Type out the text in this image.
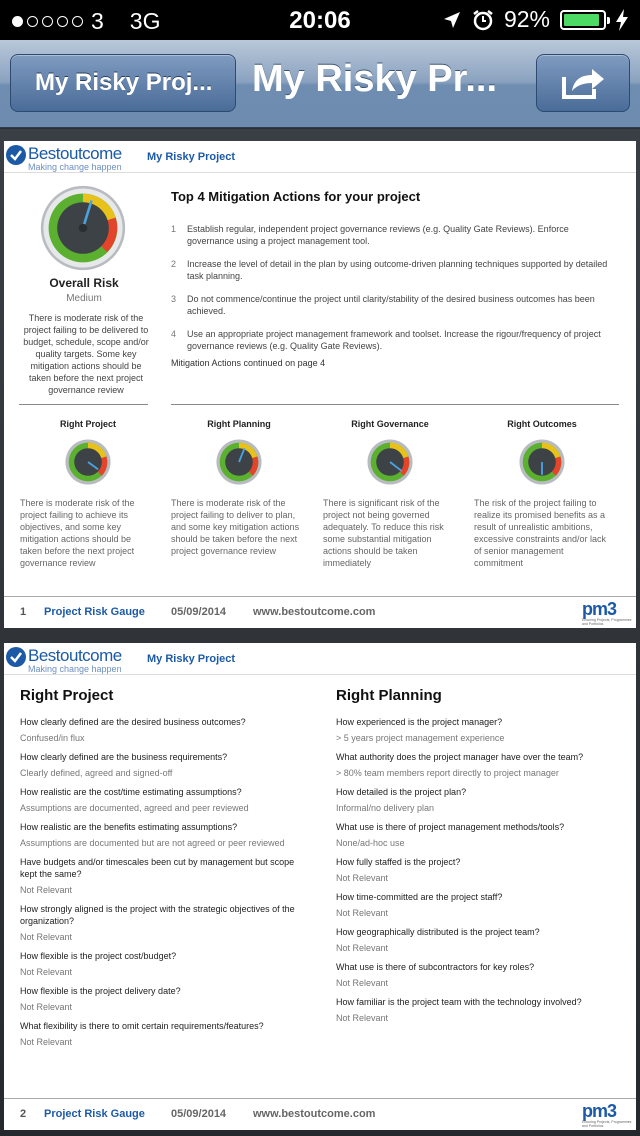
3 3G	20:06	92%
My Risky Proj...	My Risky Pr...
Bestoutcome
Making change happen
My Risky Project
Overall Risk
Medium
There is moderate risk of the project failing to be delivered to budget, schedule, scope and/or quality targets. Some key mitigation actions should be taken before the next project governance review
Top 4 Mitigation Actions for your project
1 Establish regular, independent project governance reviews (e.g. Quality Gate Reviews). Enforce governance using a project management tool.
2 Increase the level of detail in the plan by using outcome-driven planning techniques supported by detailed task planning.
3 Do not commence/continue the project until clarity/stability of the desired business outcomes has been achieved.
4 Use an appropriate project management framework and toolset. Increase the rigour/frequency of project governance reviews (e.g. Quality Gate Reviews).
Mitigation Actions continued on page 4
Right Project	Right Planning	Right Governance	Right Outcomes
There is moderate risk of the project failing to achieve its objectives, and some key mitigation actions should be taken before the next project governance review
There is moderate risk of the project failing to deliver to plan, and some key mitigation actions should be taken before the next project governance review
There is significant risk of the project not being governed adequately. To reduce this risk some substantial mitigation actions should be taken immediately
The risk of the project failing to realize its promised benefits as a result of unrealistic ambitions, excessive constraints and/or lack of senior management commitment
1 Project Risk Gauge 05/09/2014 www.bestoutcome.com	pm3
Ensuring Projects, Programmes and Portfolios
Bestoutcome
Making change happen
My Risky Project
Right Project
How clearly defined are the desired business outcomes?
Confused/in flux
How clearly defined are the business requirements?
Clearly defined, agreed and signed-off
How realistic are the cost/time estimating assumptions?
Assumptions are documented, agreed and peer reviewed
How realistic are the benefits estimating assumptions?
Assumptions are documented but are not agreed or peer reviewed
Have budgets and/or timescales been cut by management but scope kept the same?
Not Relevant
How strongly aligned is the project with the strategic objectives of the organization?
Not Relevant
How flexible is the project cost/budget?
Not Relevant
How flexible is the project delivery date?
Not Relevant
What flexibility is there to omit certain requirements/features?
Not Relevant
Right Planning
How experienced is the project manager?
> 5 years project management experience
What authority does the project manager have over the team?
> 80% team members report directly to project manager
How detailed is the project plan?
Informal/no delivery plan
What use is there of project management methods/tools?
None/ad-hoc use
How fully staffed is the project?
Not Relevant
How time-committed are the project staff?
Not Relevant
How geographically distributed is the project team?
Not Relevant
What use is there of subcontractors for key roles?
Not Relevant
How familiar is the project team with the technology involved?
Not Relevant
2 Project Risk Gauge 05/09/2014 www.bestoutcome.com	pm3
Ensuring Projects, Programmes and Portfolios
